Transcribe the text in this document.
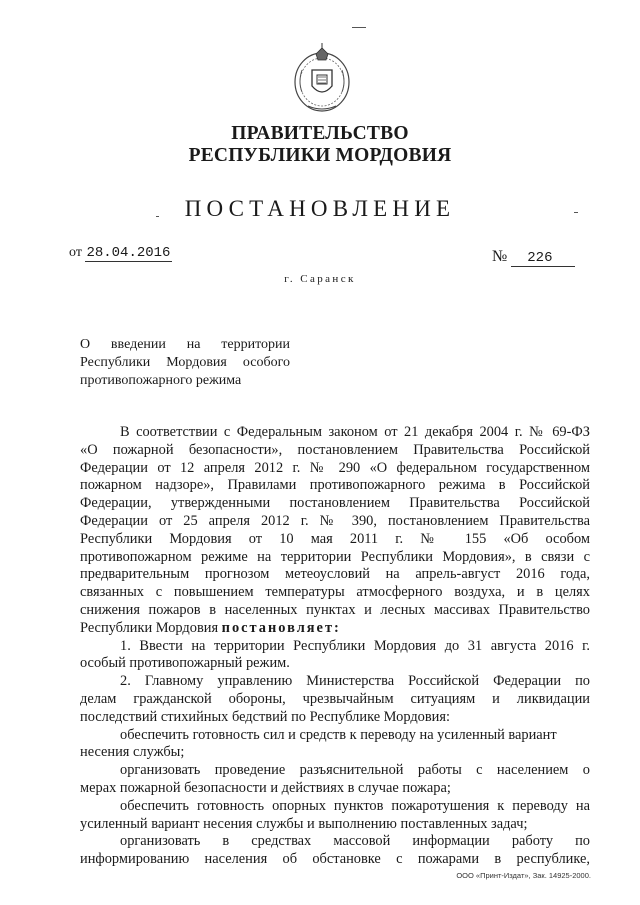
ПРАВИТЕЛЬСТВО
РЕСПУБЛИКИ МОРДОВИЯ
ПОСТАНОВЛЕНИЕ
от 28.04.2016	№ 226
г. Саранск
О введении на территории
Республики Мордовия особого
противопожарного режима
В соответствии с Федеральным законом от 21 декабря 2004 г. № 69-ФЗ
«О пожарной безопасности», постановлением Правительства Российской
Федерации от 12 апреля 2012 г. № 290 «О федеральном государственном
пожарном надзоре», Правилами противопожарного режима в Российской
Федерации, утвержденными постановлением Правительства Российской
Федерации от 25 апреля 2012 г. № 390, постановлением Правительства
Республики Мордовия от 10 мая 2011 г. № 155 «Об особом
противопожарном режиме на территории Республики Мордовия», в связи с
предварительным прогнозом метеоусловий на апрель-август 2016 года,
связанных с повышением температуры атмосферного воздуха, и в целях
снижения пожаров в населенных пунктах и лесных массивах Правительство
Республики Мордовия постановляет:
1. Ввести на территории Республики Мордовия до 31 августа 2016 г.
особый противопожарный режим.
2. Главному управлению Министерства Российской Федерации по
делам гражданской обороны, чрезвычайным ситуациям и ликвидации
последствий стихийных бедствий по Республике Мордовия:
обеспечить готовность сил и средств к переводу на усиленный вариант
несения службы;
организовать проведение разъяснительной работы с населением о
мерах пожарной безопасности и действиях в случае пожара;
обеспечить готовность опорных пунктов пожаротушения к переводу на
усиленный вариант несения службы и выполнению поставленных задач;
организовать в средствах массовой информации работу по
информированию населения об обстановке с пожарами в республике,
ООО «Принт-Издат», Зак. 14925-2000.
